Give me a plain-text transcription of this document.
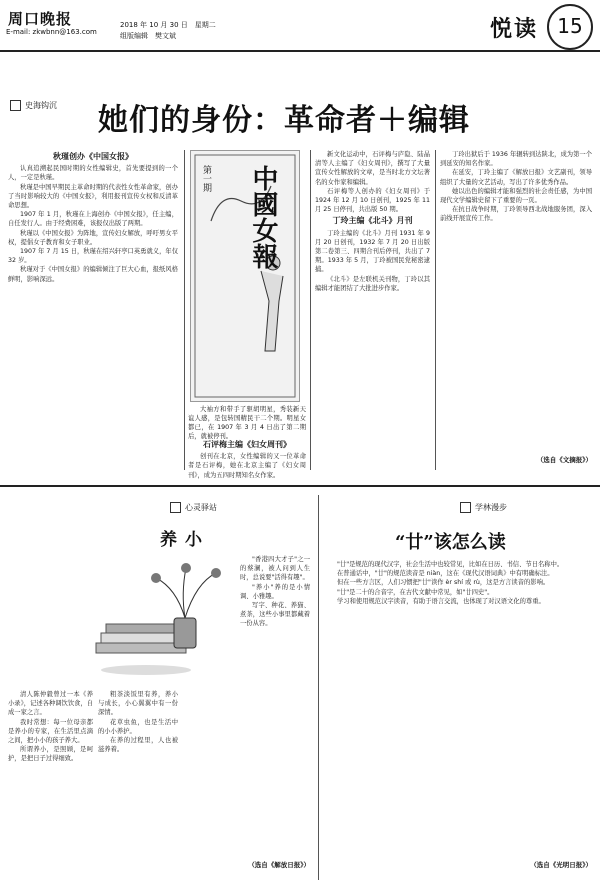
周口晚报
E-mail: zkwbnn@163.com
2018 年 10 月 30 日　星期二
组版编辑　樊文斌	悦读 15
史海钩沉 她们的身份：革命者＋编辑
秋瑾创办《中国女报》

认真追溯起民国时期的女性编辑史，首先要提到的一个人，一定是秋瑾。

秋瑾是中国早期民主革命时期的代表性女性革命家，创办了当时影响较大的《中国女报》，利用报刊宣传女权和反清革命思想。

1907 年 1 月，秋瑾在上海创办《中国女报》，任主编，自任发行人。由于经费困难，该报仅出版了两期。

秋瑾以《中国女报》为阵地，宣传妇女解放，呼吁男女平权，提倡女子教育和女子职业。

1907 年 7 月 15 日，秋瑾在绍兴轩亭口英勇就义，年仅 32 岁。

秋瑾对于《中国女报》的编辑倾注了巨大心血，报纸风格鲜明，影响深远。

中國女報
第一期
大袖方和带手了驱胡明星，秀装新天谊人感，是包转国精民干二个期。明星女都已，在 1907 年 3 月 4 日出了第二期后，就被停刊。
石评梅主编《妇女周刊》

创刊在北京，女性编辑的又一位革命者是石评梅，她在北京主编了《妇女周刊》，成为五四时期知名女作家。

新文化运动中，石评梅与庐隐、陆晶清等人主编了《妇女周刊》，撰写了大量宣传女性解放的文章，是当时北方文坛著名的女作家和编辑。

石评梅等人创办的《妇女周刊》于 1924 年 12 月 10 日创刊，1925 年 11 月 25 日停刊，共出版 50 期。

丁玲主编《北斗》月刊

丁玲主编的《北斗》月刊 1931 年 9 月 20 日创刊，1932 年 7 月 20 日出版第二卷第三、四期合刊后停刊，共出了 7 期。1933 年 5 月，丁玲被国民党秘密逮捕。

《北斗》是左联机关刊物，丁玲以其编辑才能团结了大批进步作家。

丁玲出狱后于 1936 年辗转到达陕北，成为第一个到延安的知名作家。

在延安，丁玲主编了《解放日报》文艺副刊，领导组织了大量的文艺活动，写出了许多优秀作品。

她以出色的编辑才能和强烈的社会责任感，为中国现代文学编辑史留下了重要的一页。

在抗日战争时期，丁玲领导西北战地服务团，深入前线开展宣传工作。

（选自《文摘报》）
心灵驿站
养小

清人陈仲毅曾过一本《养小录》，记述各种调饮饮食，自成一家之言。

我时常想：每一位母亲都是养小的专家，在生活里点滴之间，把小小的孩子养大。

所谓养小，是照顾，是呵护，是把日子过得细致。

粗茶淡饭里有养，养小与成长，小心翼翼中有一份深情。

花草虫鱼，也是生活中的小小养护。

在养的过程里，人也被滋养着。

"香港四大才子"之一的蔡澜，被人问到人生时，总说要"活得有趣"。

"养小"养的是小情调、小雅趣。

写字、种花、养猫、煮茶，这些小事里都藏着一份从容。

（选自《解放日报》）
学林漫步
“廿”该怎么读

"廿"是规范的现代汉字，社会生活中也较常见，比如在日历、书信、节日名称中。

在普通话中，"廿"的规范读音是 niàn，这在《现代汉语词典》中有明确标注。

但在一些方言区，人们习惯把"廿"读作 èr shí 或 rù，这是方言读音的影响。

"廿"是二十的合音字，在古代文献中常见，如"廿四史"。

学习和使用规范汉字读音，有助于语言交流，也体现了对汉语文化的尊重。

（选自《光明日报》）
